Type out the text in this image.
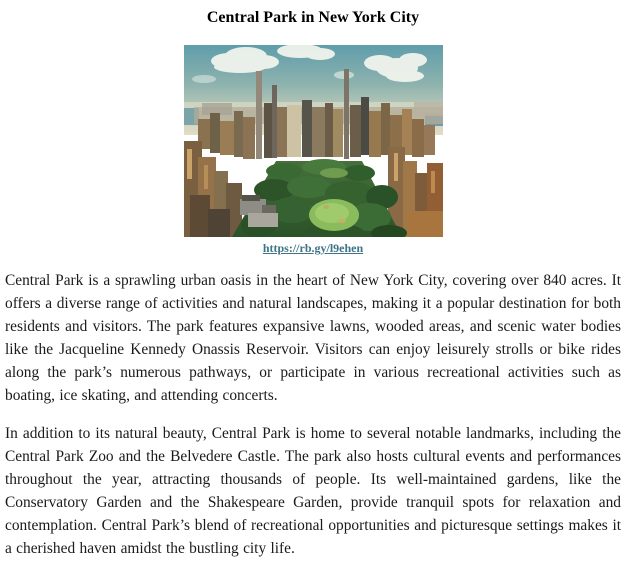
Central Park in New York City
https://rb.gy/l9ehen

Central Park is a sprawling urban oasis in the heart of New York City, covering over 840 acres. It offers a diverse range of activities and natural landscapes, making it a popular destination for both residents and visitors. The park features expansive lawns, wooded areas, and scenic water bodies like the Jacqueline Kennedy Onassis Reservoir. Visitors can enjoy leisurely strolls or bike rides along the park’s numerous pathways, or participate in various recreational activities such as boating, ice skating, and attending concerts.

In addition to its natural beauty, Central Park is home to several notable landmarks, including the Central Park Zoo and the Belvedere Castle. The park also hosts cultural events and performances throughout the year, attracting thousands of people. Its well-maintained gardens, like the Conservatory Garden and the Shakespeare Garden, provide tranquil spots for relaxation and contemplation. Central Park’s blend of recreational opportunities and picturesque settings makes it a cherished haven amidst the bustling city life.
